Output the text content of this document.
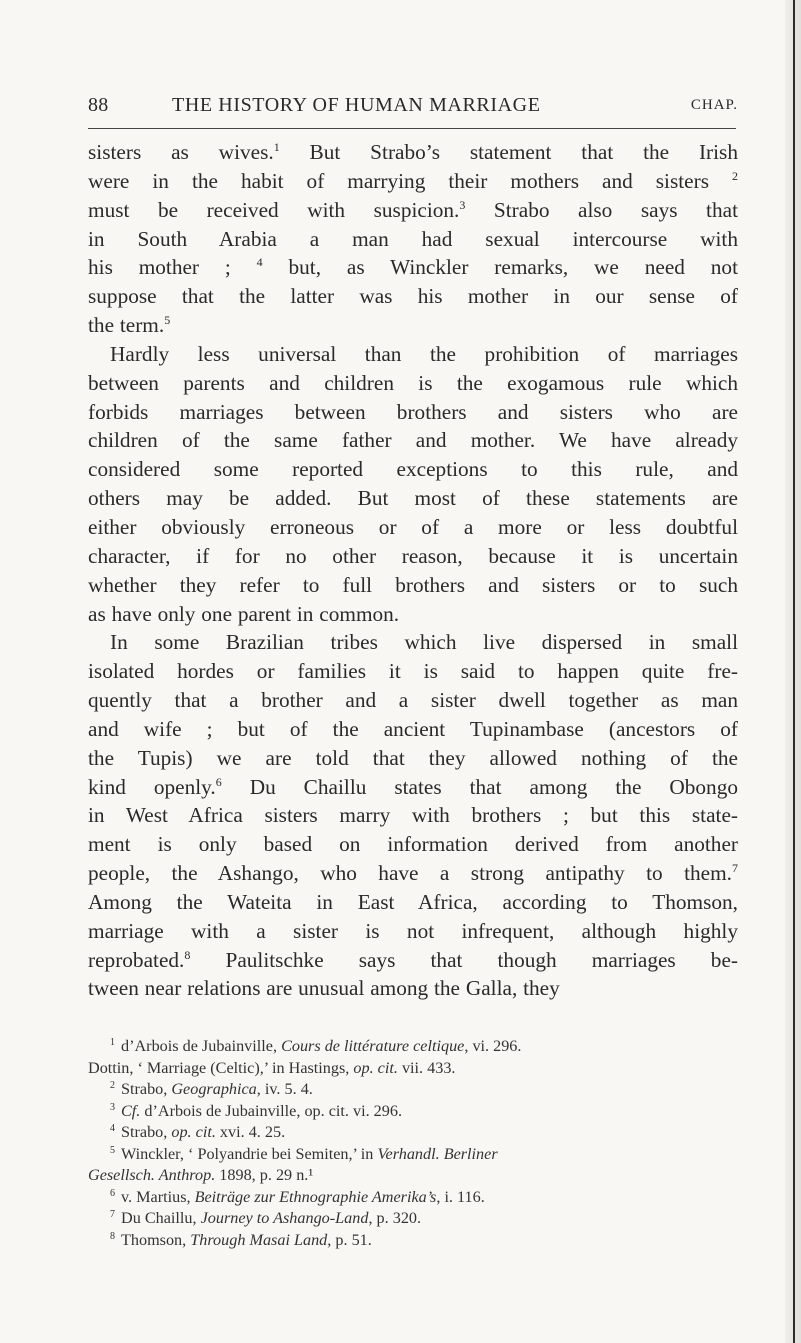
88	THE HISTORY OF HUMAN MARRIAGE	CHAP.
sisters as wives.$^1$ But Strabo’s statement that the Irish
were in the habit of marrying their mothers and sisters $^2$
must be received with suspicion.$^3$ Strabo also says that
in South Arabia a man had sexual intercourse with
his mother ; $^4$ but, as Winckler remarks, we need not
suppose that the latter was his mother in our sense of
the term.$^5$
Hardly less universal than the prohibition of marriages
between parents and children is the exogamous rule which
forbids marriages between brothers and sisters who are
children of the same father and mother. We have already
considered some reported exceptions to this rule, and
others may be added. But most of these statements are
either obviously erroneous or of a more or less doubtful
character, if for no other reason, because it is uncertain
whether they refer to full brothers and sisters or to such
as have only one parent in common.
In some Brazilian tribes which live dispersed in small
isolated hordes or families it is said to happen quite fre-
quently that a brother and a sister dwell together as man
and wife ; but of the ancient Tupinambase (ancestors of
the Tupis) we are told that they allowed nothing of the
kind openly.$^6$ Du Chaillu states that among the Obongo
in West Africa sisters marry with brothers ; but this state-
ment is only based on information derived from another
people, the Ashango, who have a strong antipathy to them.$^7$
Among the Wateita in East Africa, according to Thomson,
marriage with a sister is not infrequent, although highly
reprobated.$^8$ Paulitschke says that though marriages be-
tween near relations are unusual among the Galla, they
$^1$ d’Arbois de Jubainville, Cours de littérature celtique, vi. 296.
Dottin, ‘ Marriage (Celtic),’ in Hastings, op. cit. vii. 433.
$^2$ Strabo, Geographica, iv. 5. 4.
$^3$ Cf. d’Arbois de Jubainville, op. cit. vi. 296.
$^4$ Strabo, op. cit. xvi. 4. 25.
$^5$ Winckler, ‘ Polyandrie bei Semiten,’ in Verhandl. Berliner
Gesellsch. Anthrop. 1898, p. 29 n.¹
$^6$ v. Martius, Beiträge zur Ethnographie Amerika’s, i. 116.
$^7$ Du Chaillu, Journey to Ashango-Land, p. 320.
$^8$ Thomson, Through Masai Land, p. 51.
